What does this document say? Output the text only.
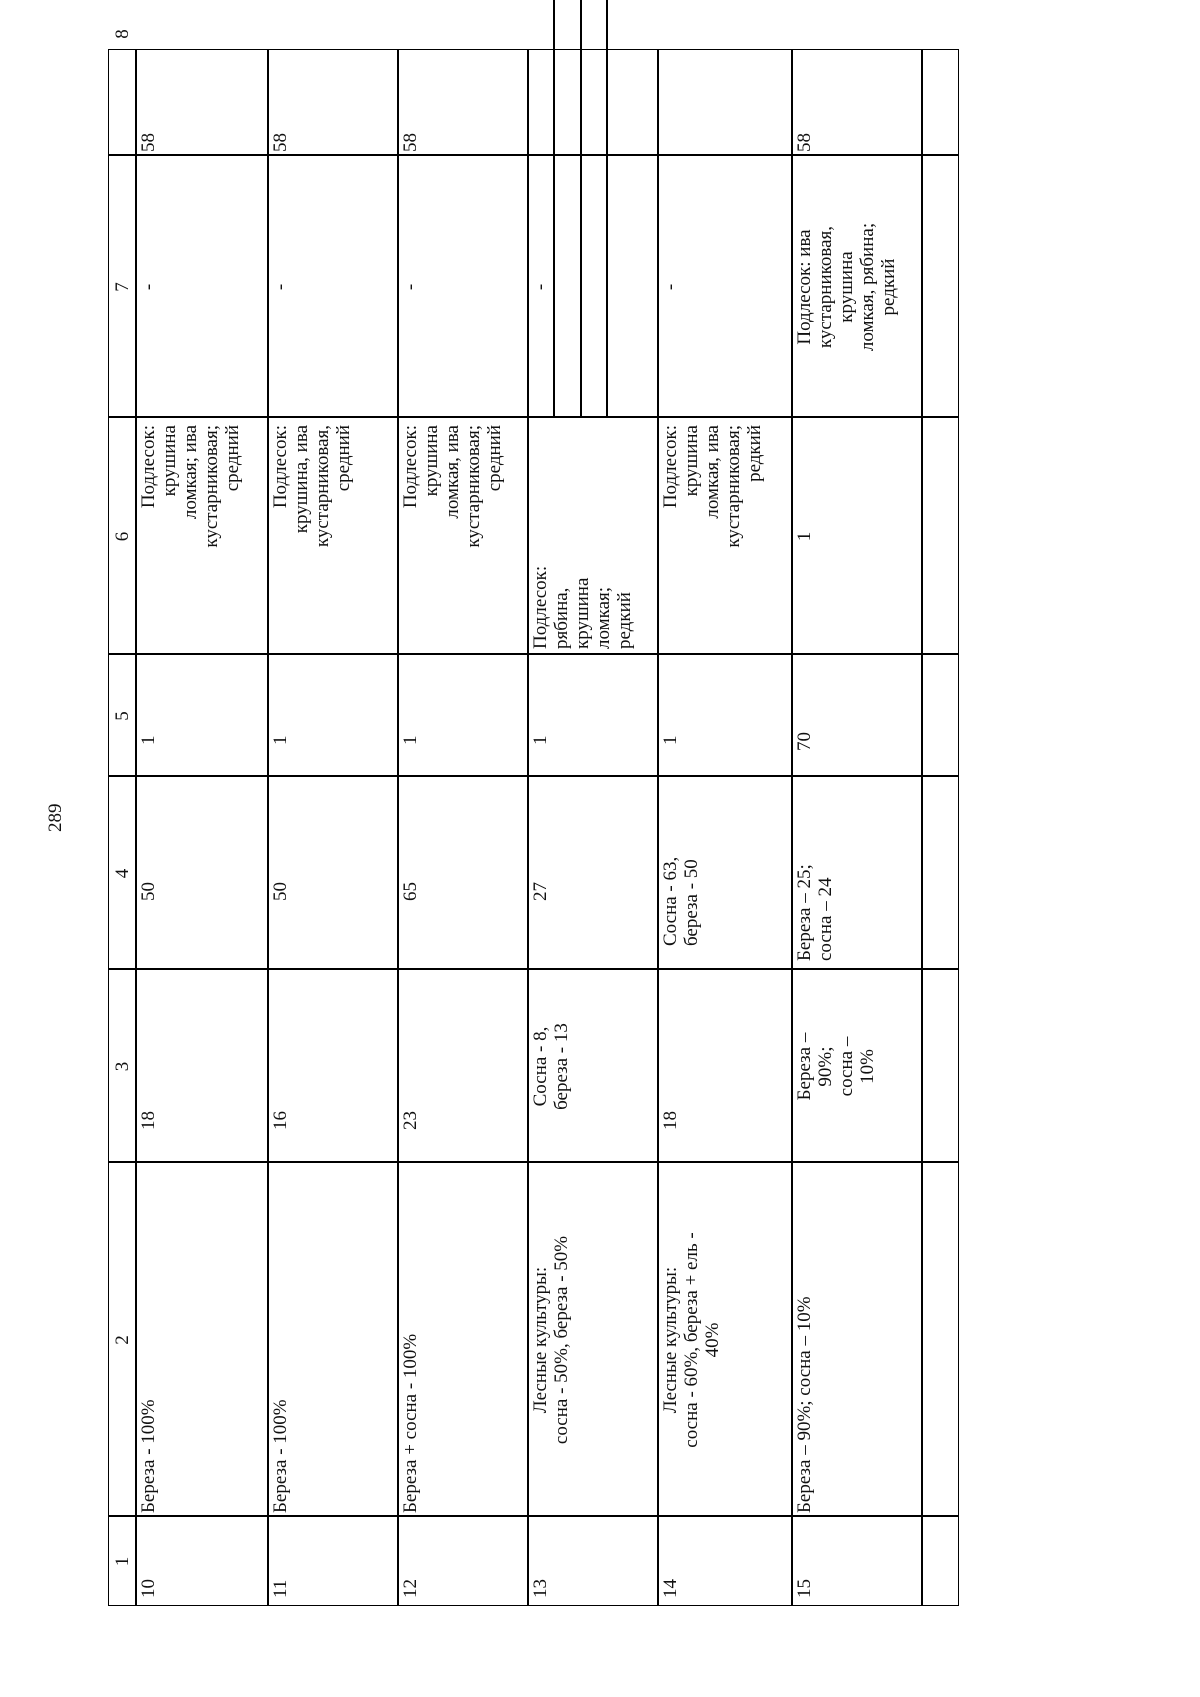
289
1
2
3
4
5
6
7
8
10
Береза - 100%
18
50
1
Подлесок: крушина ломкая; ива кустарниковая; средний
-
58
11
Береза - 100%
16
50
1
Подлесок: крушина, ива кустарниковая, средний
-
58
12
Береза + сосна - 100%
23
65
1
Подлесок: крушина ломкая, ива кустарниковая; средний
-
58
13
Лесные культуры: сосна - 50%, береза - 50%
Сосна - 8, береза - 13
27
1
Подлесок: рябина, крушина ломкая; редкий
-
14
Лесные культуры: сосна - 60%, береза + ель - 40%
18
Сосна - 63, береза - 50
1
Подлесок: крушина ломкая, ива кустарниковая; редкий
-
15
Береза – 90%; сосна – 10%
Береза – 90%; сосна – 10%
Береза – 25; сосна – 24
70
1
Подлесок: ива кустарниковая, крушина ломкая, рябина; редкий
58
